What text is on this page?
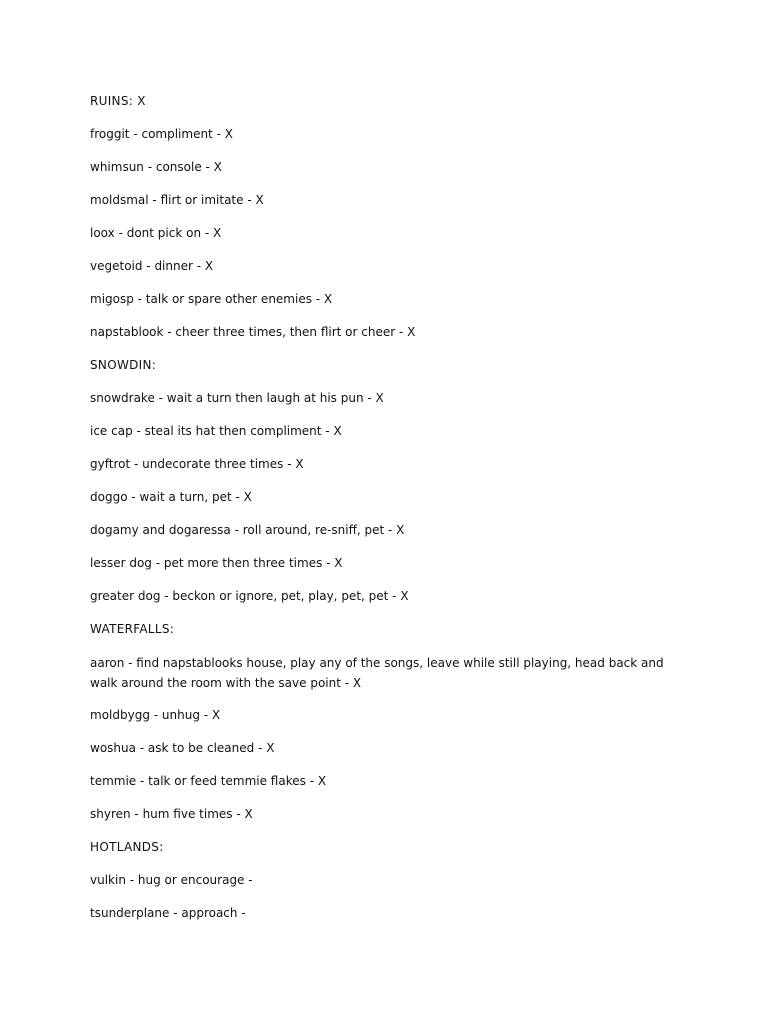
RUINS: X
froggit - compliment - X
whimsun - console - X
moldsmal - flirt or imitate - X
loox - dont pick on - X
vegetoid - dinner - X
migosp - talk or spare other enemies - X
napstablook - cheer three times, then flirt or cheer - X
SNOWDIN:
snowdrake - wait a turn then laugh at his pun - X
ice cap - steal its hat then compliment - X
gyftrot - undecorate three times - X
doggo - wait a turn, pet - X
dogamy and dogaressa - roll around, re-sniff, pet - X
lesser dog - pet more then three times - X
greater dog - beckon or ignore, pet, play, pet, pet - X
WATERFALLS:
aaron - find napstablooks house, play any of the songs, leave while still playing, head back and walk around the room with the save point - X
moldbygg - unhug - X
woshua - ask to be cleaned - X
temmie - talk or feed temmie flakes - X
shyren - hum five times - X
HOTLANDS:
vulkin - hug or encourage -
tsunderplane - approach -
